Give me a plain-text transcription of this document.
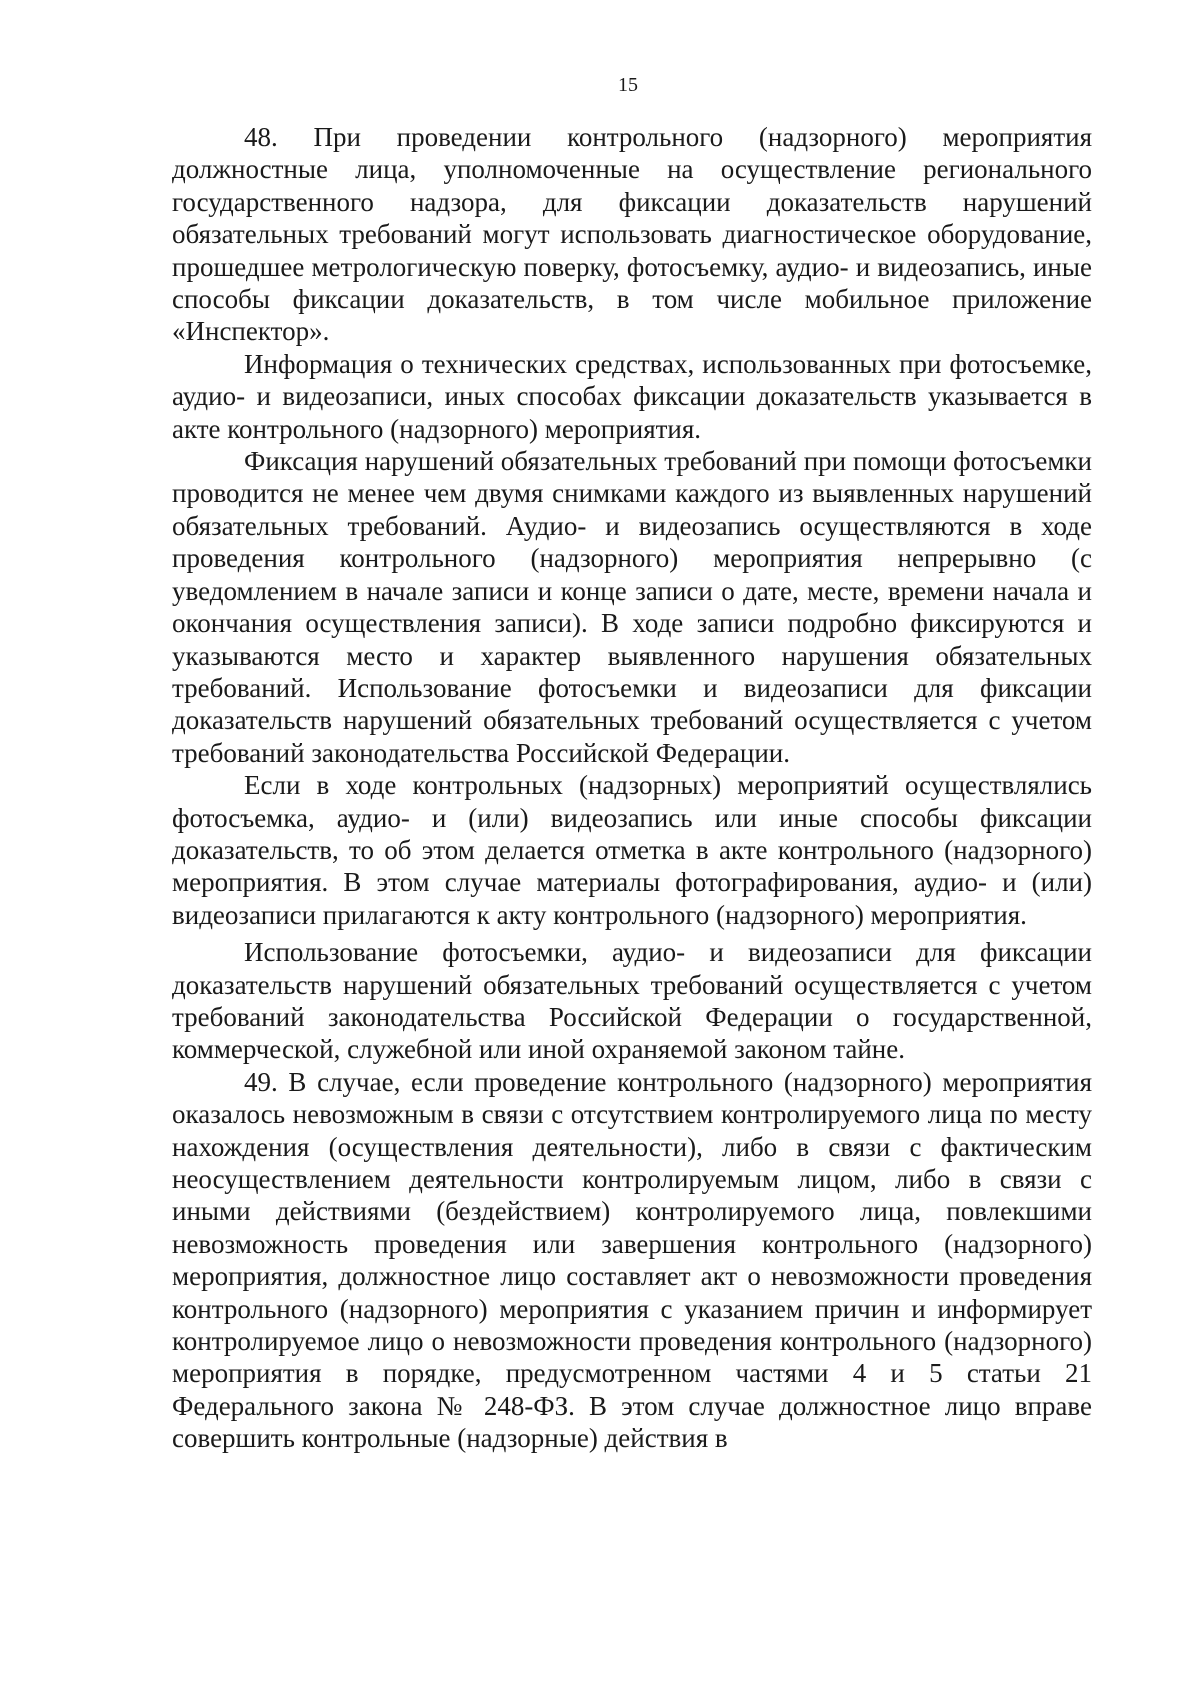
15

48. При проведении контрольного (надзорного) мероприятия должностные лица, уполномоченные на осуществление регионального государственного надзора, для фиксации доказательств нарушений обязательных требований могут использовать диагностическое оборудование, прошедшее метрологическую поверку, фотосъемку, аудио- и видеозапись, иные способы фиксации доказательств, в том числе мобильное приложение «Инспектор».

Информация о технических средствах, использованных при фотосъемке, аудио- и видеозаписи, иных способах фиксации доказательств указывается в акте контрольного (надзорного) мероприятия.

Фиксация нарушений обязательных требований при помощи фотосъемки проводится не менее чем двумя снимками каждого из выявленных нарушений обязательных требований. Аудио- и видеозапись осуществляются в ходе проведения контрольного (надзорного) мероприятия непрерывно (с уведомлением в начале записи и конце записи о дате, месте, времени начала и окончания осуществления записи). В ходе записи подробно фиксируются и указываются место и характер выявленного нарушения обязательных требований. Использование фотосъемки и видеозаписи для фиксации доказательств нарушений обязательных требований осуществляется с учетом требований законодательства Российской Федерации.

Если в ходе контрольных (надзорных) мероприятий осуществлялись фотосъемка, аудио- и (или) видеозапись или иные способы фиксации доказательств, то об этом делается отметка в акте контрольного (надзорного) мероприятия. В этом случае материалы фотографирования, аудио- и (или) видеозаписи прилагаются к акту контрольного (надзорного) мероприятия.

Использование фотосъемки, аудио- и видеозаписи для фиксации доказательств нарушений обязательных требований осуществляется с учетом требований законодательства Российской Федерации о государственной, коммерческой, служебной или иной охраняемой законом тайне.

49. В случае, если проведение контрольного (надзорного) мероприятия оказалось невозможным в связи с отсутствием контролируемого лица по месту нахождения (осуществления деятельности), либо в связи с фактическим неосуществлением деятельности контролируемым лицом, либо в связи с иными действиями (бездействием) контролируемого лица, повлекшими невозможность проведения или завершения контрольного (надзорного) мероприятия, должностное лицо составляет акт о невозможности проведения контрольного (надзорного) мероприятия с указанием причин и информирует контролируемое лицо о невозможности проведения контрольного (надзорного) мероприятия в порядке, предусмотренном частями 4 и 5 статьи 21 Федерального закона № 248-ФЗ. В этом случае должностное лицо вправе совершить контрольные (надзорные) действия в
